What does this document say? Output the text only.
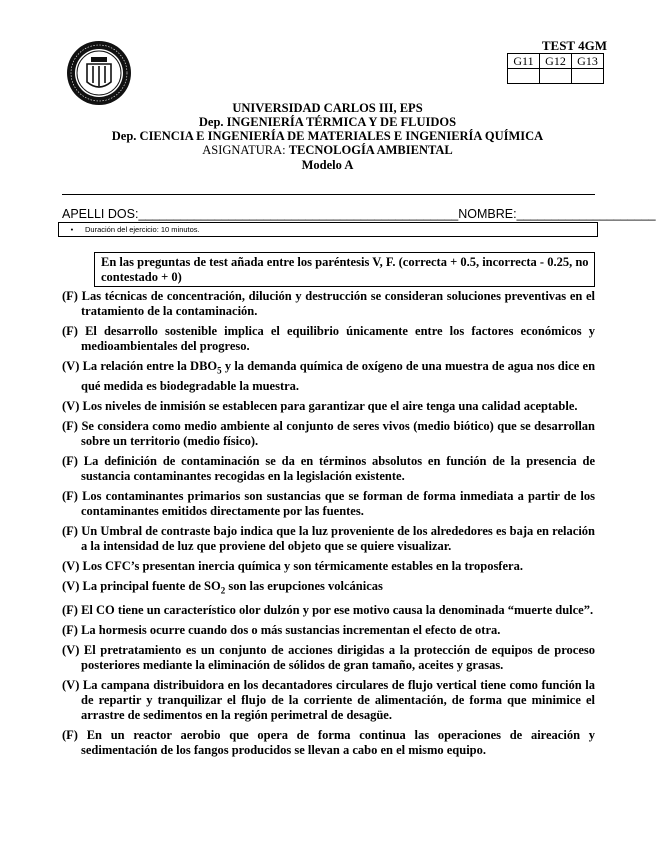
TEST 4GM
G11	G12	G13

UNIVERSIDAD CARLOS III, EPS
Dep. INGENIERÍA TÉRMICA Y DE FLUIDOS
Dep. CIENCIA E INGENIERÍA DE MATERIALES E INGENIERÍA QUÍMICA
ASIGNATURA: TECNOLOGÍA AMBIENTAL
Modelo A
APELLI DOS: ______________________________________________ NOMBRE: ____________________
• Duración del ejercicio: 10 minutos.
En las preguntas de test añada entre los paréntesis V, F. (correcta + 0.5, incorrecta - 0.25, no contestado + 0)
(F) Las técnicas de concentración, dilución y destrucción se consideran soluciones preventivas en el tratamiento de la contaminación.
(F) El desarrollo sostenible implica el equilibrio únicamente entre los factores económicos y medioambientales del progreso.
(V) La relación entre la $DBO_5$ y la demanda química de oxígeno de una muestra de agua nos dice en qué medida es biodegradable la muestra.
(V) Los niveles de inmisión se establecen para garantizar que el aire tenga una calidad aceptable.
(F) Se considera como medio ambiente al conjunto de seres vivos (medio biótico) que se desarrollan sobre un territorio (medio físico).
(F) La definición de contaminación se da en términos absolutos en función de la presencia de sustancia contaminantes recogidas en la legislación existente.
(F) Los contaminantes primarios son sustancias que se forman de forma inmediata a partir de los contaminantes emitidos directamente por las fuentes.
(F) Un Umbral de contraste bajo indica que la luz proveniente de los alrededores es baja en relación a la intensidad de luz que proviene del objeto que se quiere visualizar.
(V) Los CFC’s presentan inercia química y son térmicamente estables en la troposfera.
(V) La principal fuente de $SO_2$ son las erupciones volcánicas
(F) El CO tiene un característico olor dulzón y por ese motivo causa la denominada “muerte dulce”.
(F) La hormesis ocurre cuando dos o más sustancias incrementan el efecto de otra.
(V) El pretratamiento es un conjunto de acciones dirigidas a la protección de equipos de proceso posteriores mediante la eliminación de sólidos de gran tamaño, aceites y grasas.
(V) La campana distribuidora en los decantadores circulares de flujo vertical tiene como función la de repartir y tranquilizar el flujo de la corriente de alimentación, de forma que minimice el arrastre de sedimentos en la región perimetral de desagüe.
(F) En un reactor aerobio que opera de forma continua las operaciones de aireación y sedimentación de los fangos producidos se llevan a cabo en el mismo equipo.
